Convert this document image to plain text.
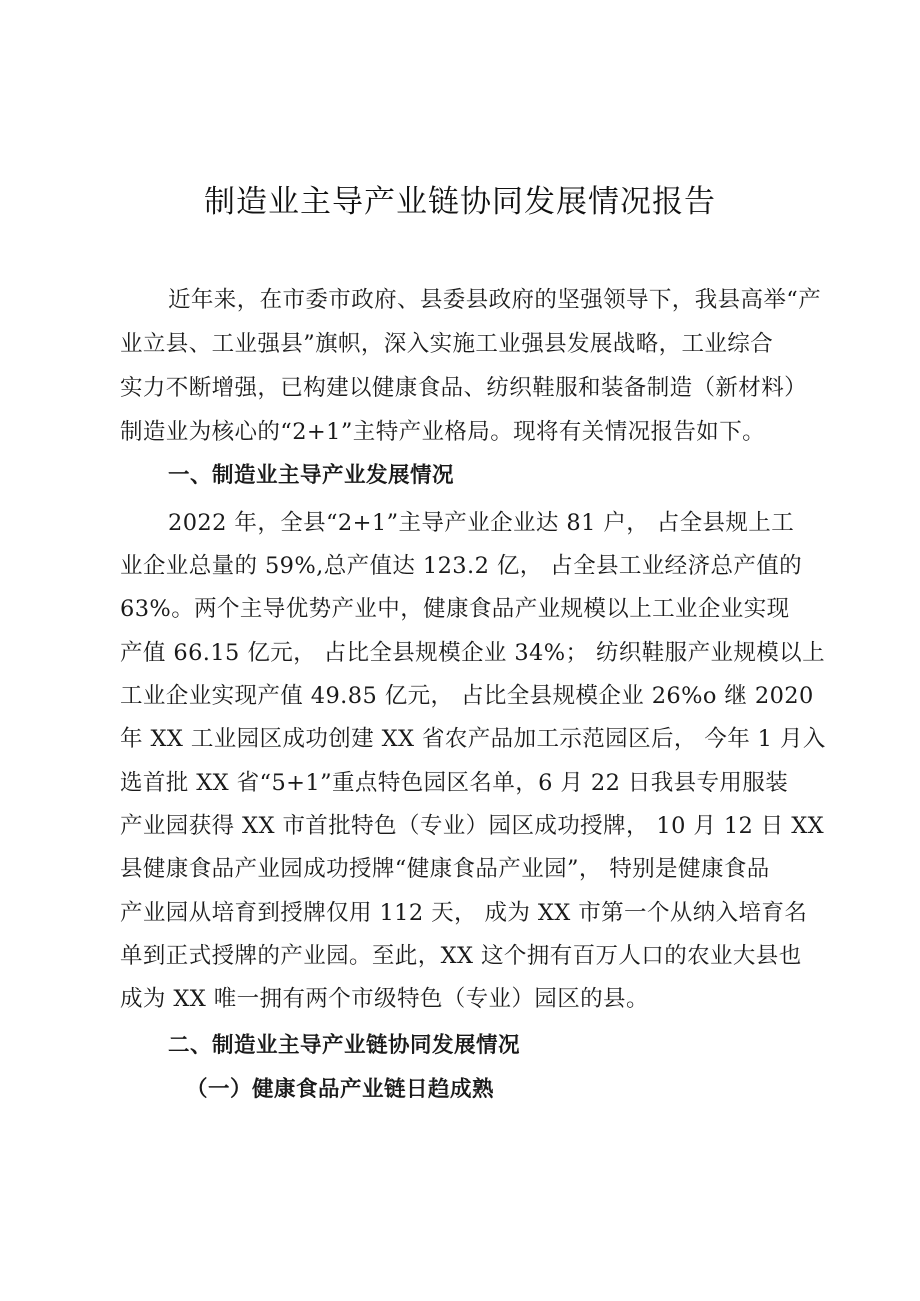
制造业主导产业链协同发展情况报告

近年来，在市委市政府、县委县政府的坚强领导下，我县高举“产

业立县、工业强县”旗帜，深入实施工业强县发展战略，工业综合

实力不断增强，已构建以健康食品、纺织鞋服和装备制造（新材料）

制造业为核心的“2+1”主特产业格局。现将有关情况报告如下。

一、制造业主导产业发展情况

2022 年，全县“2+1”主导产业企业达 81 户， 占全县规上工

业企业总量的 59%,总产值达 123.2 亿， 占全县工业经济总产值的

63%。两个主导优势产业中，健康食品产业规模以上工业企业实现

产值 66.15 亿元， 占比全县规模企业 34%； 纺织鞋服产业规模以上

工业企业实现产值 49.85 亿元， 占比全县规模企业 26%o 继 2020

年 XX 工业园区成功创建 XX 省农产品加工示范园区后， 今年 1 月入

选首批 XX 省“5+1”重点特色园区名单，6 月 22 日我县专用服装

产业园获得 XX 市首批特色（专业）园区成功授牌， 10 月 12 日 XX

县健康食品产业园成功授牌“健康食品产业园”， 特别是健康食品

产业园从培育到授牌仅用 112 天， 成为 XX 市第一个从纳入培育名

单到正式授牌的产业园。至此，XX 这个拥有百万人口的农业大县也

成为 XX 唯一拥有两个市级特色（专业）园区的县。

二、制造业主导产业链协同发展情况
（一）健康食品产业链日趋成熟
